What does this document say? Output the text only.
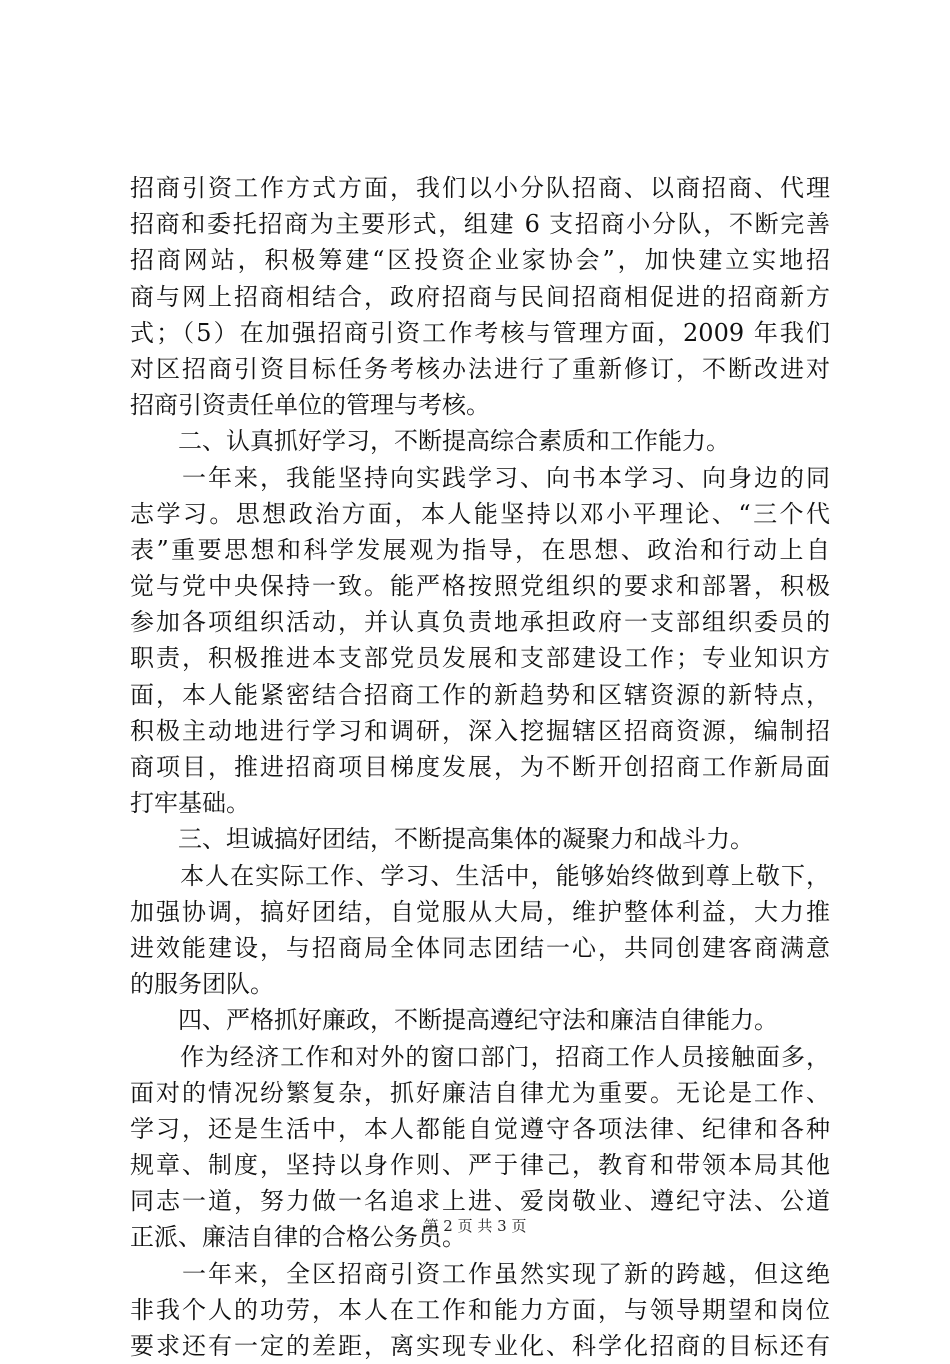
招商引资工作方式方面，我们以小分队招商、以商招商、代理
招商和委托招商为主要形式，组建 6 支招商小分队，不断完善
招商网站，积极筹建“区投资企业家协会”，加快建立实地招
商与网上招商相结合，政府招商与民间招商相促进的招商新方
式；（5）在加强招商引资工作考核与管理方面，2009 年我们
对区招商引资目标任务考核办法进行了重新修订，不断改进对
招商引资责任单位的管理与考核。
　　二、认真抓好学习，不断提高综合素质和工作能力。
　　一年来，我能坚持向实践学习、向书本学习、向身边的同
志学习。思想政治方面，本人能坚持以邓小平理论、“三个代
表”重要思想和科学发展观为指导，在思想、政治和行动上自
觉与党中央保持一致。能严格按照党组织的要求和部署，积极
参加各项组织活动，并认真负责地承担政府一支部组织委员的
职责，积极推进本支部党员发展和支部建设工作；专业知识方
面，本人能紧密结合招商工作的新趋势和区辖资源的新特点，
积极主动地进行学习和调研，深入挖掘辖区招商资源，编制招
商项目，推进招商项目梯度发展，为不断开创招商工作新局面
打牢基础。
　　三、坦诚搞好团结，不断提高集体的凝聚力和战斗力。
　　本人在实际工作、学习、生活中，能够始终做到尊上敬下，
加强协调，搞好团结，自觉服从大局，维护整体利益，大力推
进效能建设，与招商局全体同志团结一心，共同创建客商满意
的服务团队。
　　四、严格抓好廉政，不断提高遵纪守法和廉洁自律能力。
　　作为经济工作和对外的窗口部门，招商工作人员接触面多，
面对的情况纷繁复杂，抓好廉洁自律尤为重要。无论是工作、
学习，还是生活中，本人都能自觉遵守各项法律、纪律和各种
规章、制度，坚持以身作则、严于律己，教育和带领本局其他
同志一道，努力做一名追求上进、爱岗敬业、遵纪守法、公道
正派、廉洁自律的合格公务员。
　　一年来，全区招商引资工作虽然实现了新的跨越，但这绝
非我个人的功劳，本人在工作和能力方面，与领导期望和岗位
要求还有一定的差距，离实现专业化、科学化招商的目标还有
第 2 页 共 3 页
